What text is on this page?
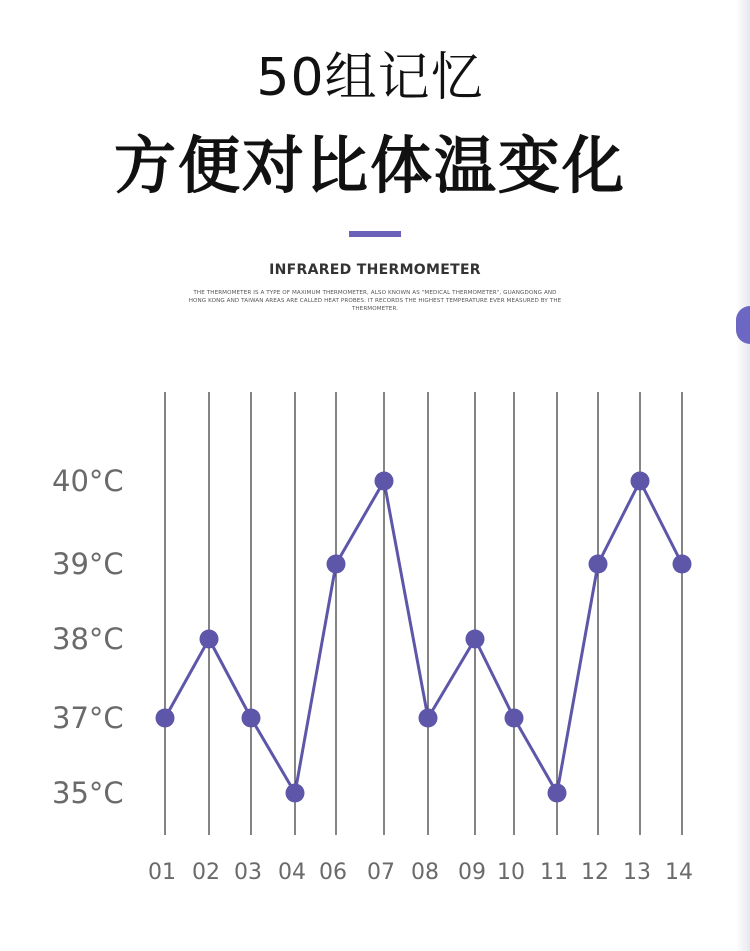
50组记忆
方便对比体温变化
INFRARED THERMOMETER
THE THERMOMETER IS A TYPE OF MAXIMUM THERMOMETER, ALSO KNOWN AS "MEDICAL THERMOMETER", GUANGDONG AND HONG KONG AND TAIWAN AREAS ARE CALLED HEAT PROBES. IT RECORDS THE HIGHEST TEMPERATURE EVER MEASURED BY THE THERMOMETER.
40°C
39°C
38°C
37°C
35°C
01 02 03 04 06 07 08 09 10 11 12 13 14
